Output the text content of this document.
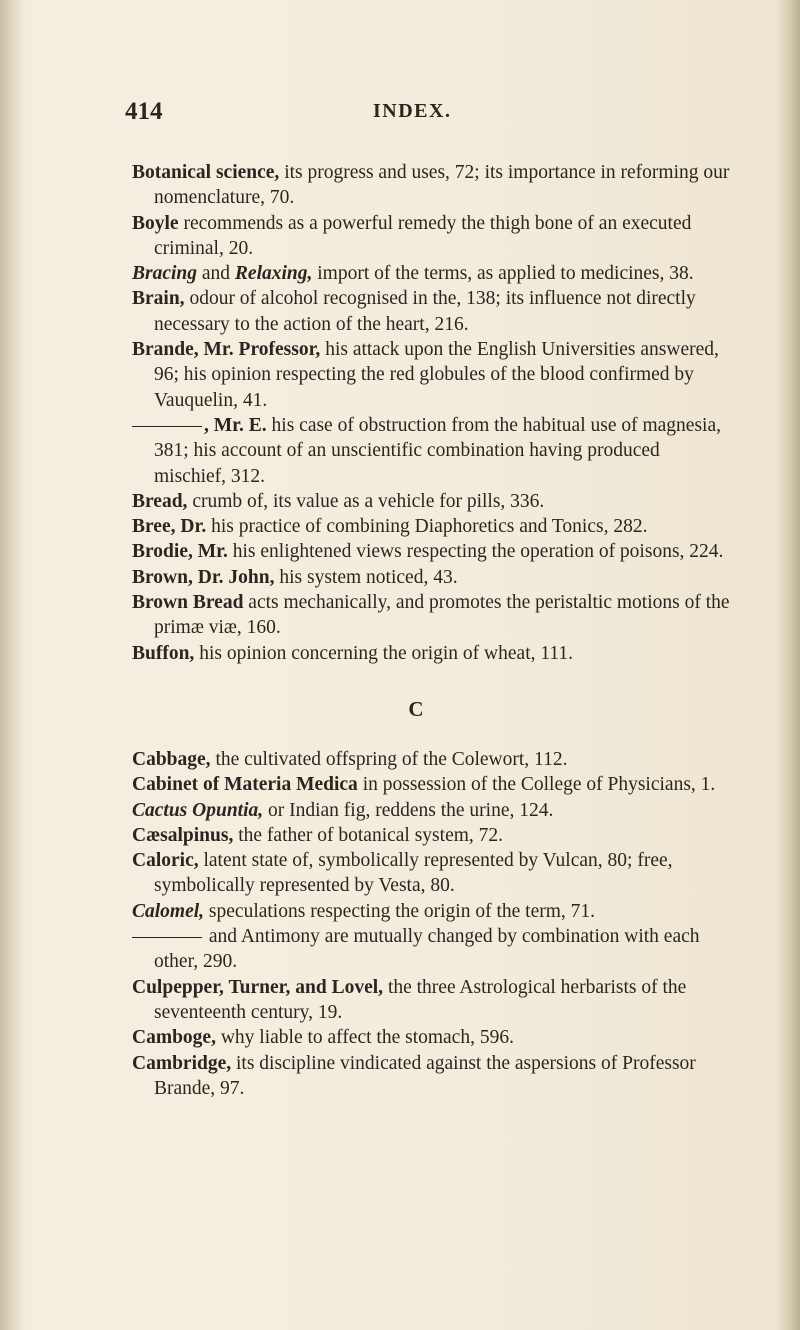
414	INDEX.

Botanical science, its progress and uses, 72; its importance in reforming our nomenclature, 70.

Boyle recommends as a powerful remedy the thigh bone of an executed criminal, 20.

Bracing and Relaxing, import of the terms, as applied to medicines, 38.

Brain, odour of alcohol recognised in the, 138; its influence not directly necessary to the action of the heart, 216.

Brande, Mr. Professor, his attack upon the English Universities answered, 96; his opinion respecting the red globules of the blood confirmed by Vauquelin, 41.

, Mr. E. his case of obstruction from the habitual use of magnesia, 381; his account of an unscientific combination having produced mischief, 312.

Bread, crumb of, its value as a vehicle for pills, 336.

Bree, Dr. his practice of combining Diaphoretics and Tonics, 282.

Brodie, Mr. his enlightened views respecting the operation of poisons, 224.

Brown, Dr. John, his system noticed, 43.

Brown Bread acts mechanically, and promotes the peristaltic motions of the primæ viæ, 160.

Buffon, his opinion concerning the origin of wheat, 111.

C

Cabbage, the cultivated offspring of the Colewort, 112.

Cabinet of Materia Medica in possession of the College of Physicians, 1.

Cactus Opuntia, or Indian fig, reddens the urine, 124.

Cæsalpinus, the father of botanical system, 72.

Caloric, latent state of, symbolically represented by Vulcan, 80; free, symbolically represented by Vesta, 80.

Calomel, speculations respecting the origin of the term, 71.

and Antimony are mutually changed by combination with each other, 290.

Culpepper, Turner, and Lovel, the three Astrological herbarists of the seventeenth century, 19.

Camboge, why liable to affect the stomach, 596.

Cambridge, its discipline vindicated against the aspersions of Professor Brande, 97.
